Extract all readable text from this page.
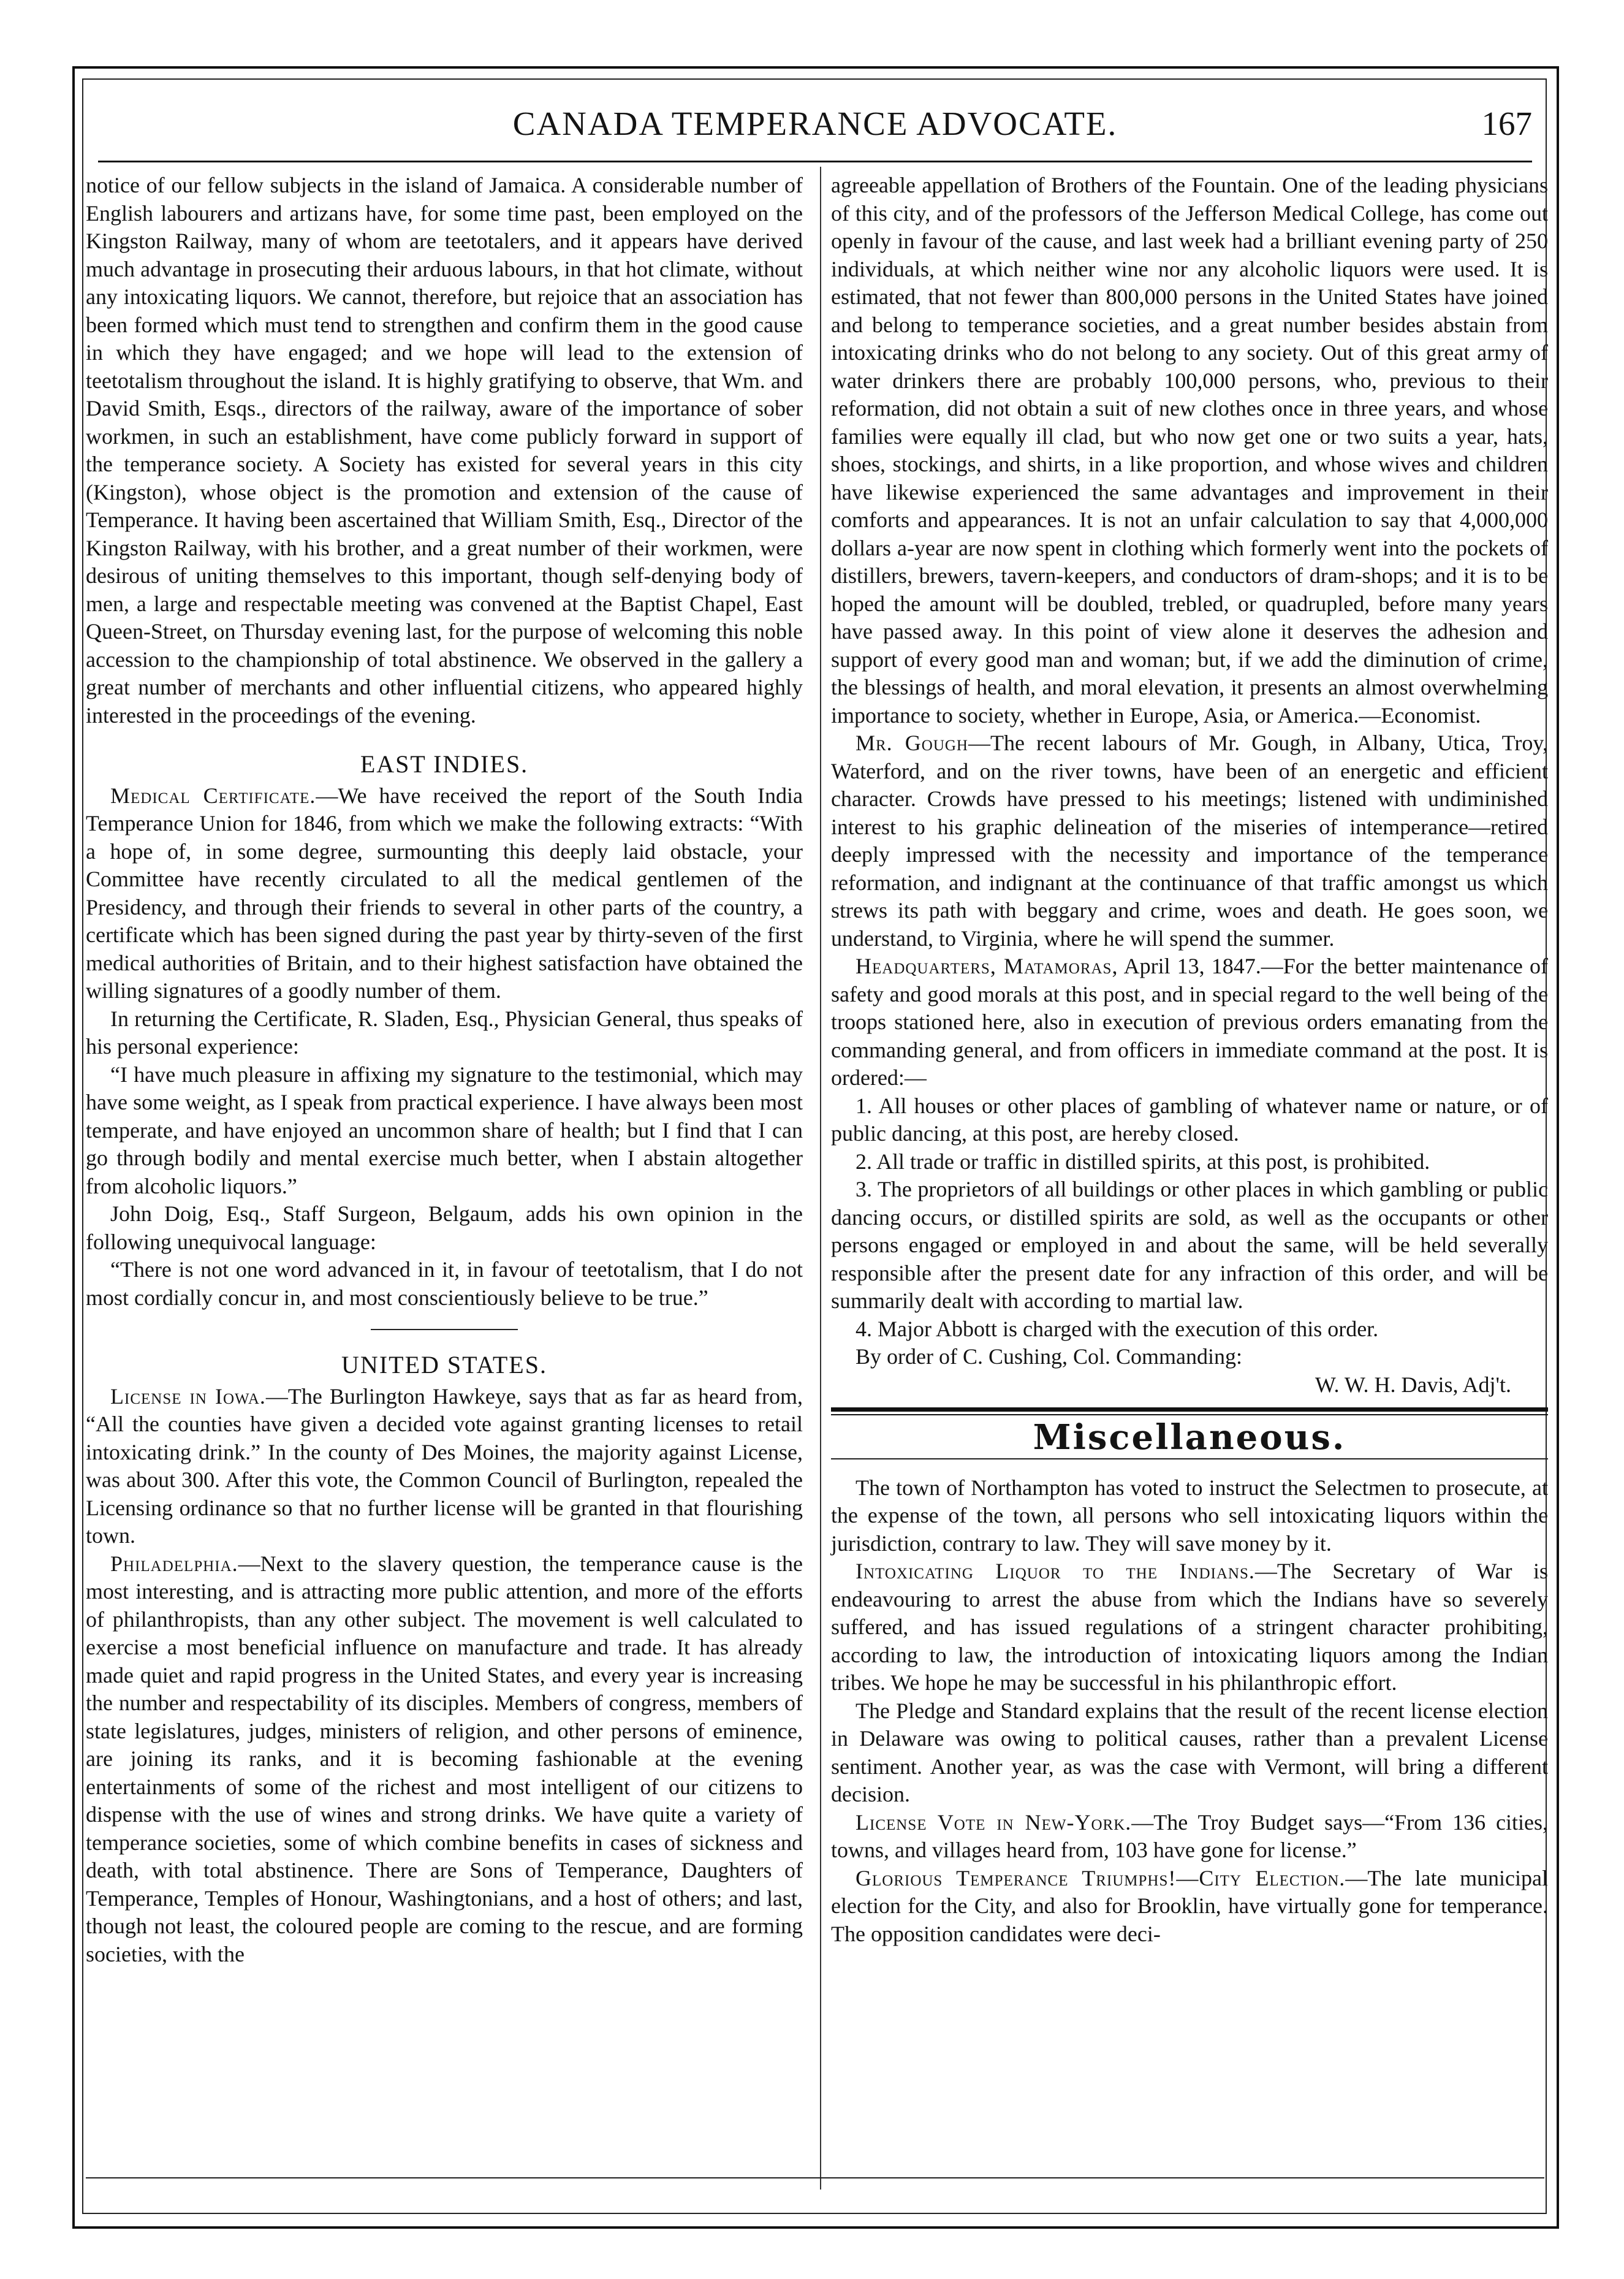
CANADA TEMPERANCE ADVOCATE.	167

notice of our fellow subjects in the island of Jamaica. A considerable number of English labourers and artizans have, for some time past, been employed on the Kingston Railway, many of whom are teetotalers, and it appears have derived much advantage in prosecuting their arduous labours, in that hot climate, without any intoxicating liquors. We cannot, therefore, but rejoice that an association has been formed which must tend to strengthen and confirm them in the good cause in which they have engaged; and we hope will lead to the extension of teetotalism throughout the island. It is highly gratifying to observe, that Wm. and David Smith, Esqs., directors of the railway, aware of the importance of sober workmen, in such an establishment, have come publicly forward in support of the temperance society. A Society has existed for several years in this city (Kingston), whose object is the promotion and extension of the cause of Temperance. It having been ascertained that William Smith, Esq., Director of the Kingston Railway, with his brother, and a great number of their workmen, were desirous of uniting themselves to this important, though self-denying body of men, a large and respectable meeting was convened at the Baptist Chapel, East Queen-Street, on Thursday evening last, for the purpose of welcoming this noble accession to the championship of total abstinence. We observed in the gallery a great number of merchants and other influential citizens, who appeared highly interested in the proceedings of the evening.

EAST INDIES.

Medical Certificate.—We have received the report of the South India Temperance Union for 1846, from which we make the following extracts: “With a hope of, in some degree, surmounting this deeply laid obstacle, your Committee have recently circulated to all the medical gentlemen of the Presidency, and through their friends to several in other parts of the country, a certificate which has been signed during the past year by thirty-seven of the first medical authorities of Britain, and to their highest satisfaction have obtained the willing signatures of a goodly number of them.

In returning the Certificate, R. Sladen, Esq., Physician General, thus speaks of his personal experience:

“I have much pleasure in affixing my signature to the testimonial, which may have some weight, as I speak from practical experience. I have always been most temperate, and have enjoyed an uncommon share of health; but I find that I can go through bodily and mental exercise much better, when I abstain altogether from alcoholic liquors.”

John Doig, Esq., Staff Surgeon, Belgaum, adds his own opinion in the following unequivocal language:

“There is not one word advanced in it, in favour of teetotalism, that I do not most cordially concur in, and most conscientiously believe to be true.”

UNITED STATES.

License in Iowa.—The Burlington Hawkeye, says that as far as heard from, “All the counties have given a decided vote against granting licenses to retail intoxicating drink.” In the county of Des Moines, the majority against License, was about 300. After this vote, the Common Council of Burlington, repealed the Licensing ordinance so that no further license will be granted in that flourishing town.

Philadelphia.—Next to the slavery question, the temperance cause is the most interesting, and is attracting more public attention, and more of the efforts of philanthropists, than any other subject. The movement is well calculated to exercise a most beneficial influence on manufacture and trade. It has already made quiet and rapid progress in the United States, and every year is increasing the number and respectability of its disciples. Members of congress, members of state legislatures, judges, ministers of religion, and other persons of eminence, are joining its ranks, and it is becoming fashionable at the evening entertainments of some of the richest and most intelligent of our citizens to dispense with the use of wines and strong drinks. We have quite a variety of temperance societies, some of which combine benefits in cases of sickness and death, with total abstinence. There are Sons of Temperance, Daughters of Temperance, Temples of Honour, Washingtonians, and a host of others; and last, though not least, the coloured people are coming to the rescue, and are forming societies, with the

agreeable appellation of Brothers of the Fountain. One of the leading physicians of this city, and of the professors of the Jefferson Medical College, has come out openly in favour of the cause, and last week had a brilliant evening party of 250 individuals, at which neither wine nor any alcoholic liquors were used. It is estimated, that not fewer than 800,000 persons in the United States have joined and belong to temperance societies, and a great number besides abstain from intoxicating drinks who do not belong to any society. Out of this great army of water drinkers there are probably 100,000 persons, who, previous to their reformation, did not obtain a suit of new clothes once in three years, and whose families were equally ill clad, but who now get one or two suits a year, hats, shoes, stockings, and shirts, in a like proportion, and whose wives and children have likewise experienced the same advantages and improvement in their comforts and appearances. It is not an unfair calculation to say that 4,000,000 dollars a-year are now spent in clothing which formerly went into the pockets of distillers, brewers, tavern-keepers, and conductors of dram-shops; and it is to be hoped the amount will be doubled, trebled, or quadrupled, before many years have passed away. In this point of view alone it deserves the adhesion and support of every good man and woman; but, if we add the diminution of crime, the blessings of health, and moral elevation, it presents an almost overwhelming importance to society, whether in Europe, Asia, or America.—Economist.

Mr. Gough—The recent labours of Mr. Gough, in Albany, Utica, Troy, Waterford, and on the river towns, have been of an energetic and efficient character. Crowds have pressed to his meetings; listened with undiminished interest to his graphic delineation of the miseries of intemperance—retired deeply impressed with the necessity and importance of the temperance reformation, and indignant at the continuance of that traffic amongst us which strews its path with beggary and crime, woes and death. He goes soon, we understand, to Virginia, where he will spend the summer.

Headquarters, Matamoras, April 13, 1847.—For the better maintenance of safety and good morals at this post, and in special regard to the well being of the troops stationed here, also in execution of previous orders emanating from the commanding general, and from officers in immediate command at the post. It is ordered:—

1. All houses or other places of gambling of whatever name or nature, or of public dancing, at this post, are hereby closed.

2. All trade or traffic in distilled spirits, at this post, is prohibited.

3. The proprietors of all buildings or other places in which gambling or public dancing occurs, or distilled spirits are sold, as well as the occupants or other persons engaged or employed in and about the same, will be held severally responsible after the present date for any infraction of this order, and will be summarily dealt with according to martial law.

4. Major Abbott is charged with the execution of this order.

By order of C. Cushing, Col. Commanding:

W. W. H. Davis, Adj't.

Miscellaneous.

The town of Northampton has voted to instruct the Selectmen to prosecute, at the expense of the town, all persons who sell intoxicating liquors within the jurisdiction, contrary to law. They will save money by it.

Intoxicating Liquor to the Indians.—The Secretary of War is endeavouring to arrest the abuse from which the Indians have so severely suffered, and has issued regulations of a stringent character prohibiting, according to law, the introduction of intoxicating liquors among the Indian tribes. We hope he may be successful in his philanthropic effort.

The Pledge and Standard explains that the result of the recent license election in Delaware was owing to political causes, rather than a prevalent License sentiment. Another year, as was the case with Vermont, will bring a different decision.

License Vote in New-York.—The Troy Budget says—“From 136 cities, towns, and villages heard from, 103 have gone for license.”

Glorious Temperance Triumphs!—City Election.—The late municipal election for the City, and also for Brooklin, have virtually gone for temperance. The opposition candidates were deci-
